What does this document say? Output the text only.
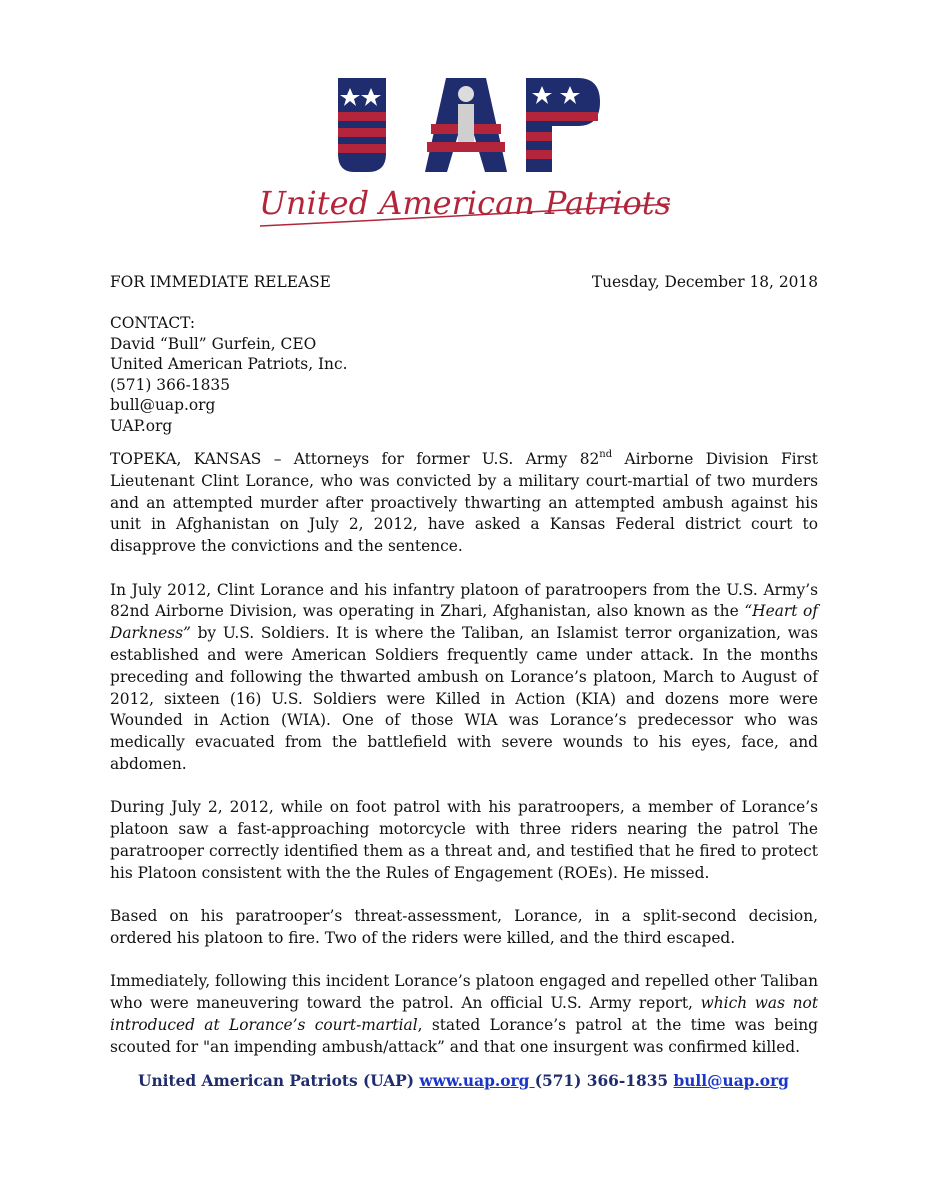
United American Patriots
FOR IMMEDIATE RELEASE	Tuesday, December 18, 2018
CONTACT:
David “Bull” Gurfein, CEO
United American Patriots, Inc.
(571) 366-1835
bull@uap.org
UAP.org

TOPEKA, KANSAS – Attorneys for former U.S. Army 82nd Airborne Division First Lieutenant Clint Lorance, who was convicted by a military court-martial of two murders and an attempted murder after proactively thwarting an attempted ambush against his unit in Afghanistan on July 2, 2012, have asked a Kansas Federal district court to disapprove the convictions and the sentence.

In July 2012, Clint Lorance and his infantry platoon of paratroopers from the U.S. Army’s 82nd Airborne Division, was operating in Zhari, Afghanistan, also known as the “Heart of Darkness” by U.S. Soldiers. It is where the Taliban, an Islamist terror organization, was established and were American Soldiers frequently came under attack. In the months preceding and following the thwarted ambush on Lorance’s platoon, March to August of 2012, sixteen (16) U.S. Soldiers were Killed in Action (KIA) and dozens more were Wounded in Action (WIA). One of those WIA was Lorance’s predecessor who was medically evacuated from the battlefield with severe wounds to his eyes, face, and abdomen.

During July 2, 2012, while on foot patrol with his paratroopers, a member of Lorance’s platoon saw a fast-approaching motorcycle with three riders nearing the patrol The paratrooper correctly identified them as a threat and, and testified that he fired to protect his Platoon consistent with the the Rules of Engagement (ROEs). He missed.

Based on his paratrooper’s threat-assessment, Lorance, in a split-second decision, ordered his platoon to fire. Two of the riders were killed, and the third escaped.

Immediately, following this incident Lorance’s platoon engaged and repelled other Taliban who were maneuvering toward the patrol. An official U.S. Army report, which was not introduced at Lorance’s court-martial, stated Lorance’s patrol at the time was being scouted for "an impending ambush/attack” and that one insurgent was confirmed killed.

United American Patriots (UAP) www.uap.org (571) 366-1835 bull@uap.org
